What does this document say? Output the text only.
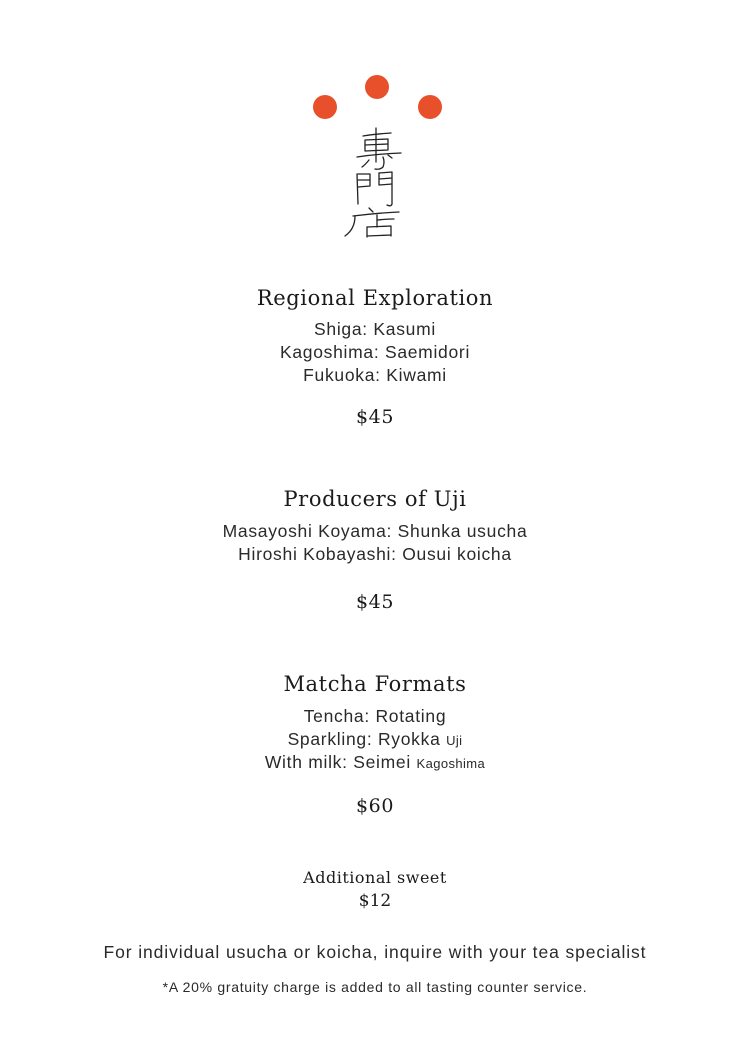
Regional Exploration
Shiga: Kasumi
Kagoshima: Saemidori
Fukuoka: Kiwami
$45
Producers of Uji
Masayoshi Koyama: Shunka usucha
Hiroshi Kobayashi: Ousui koicha
$45
Matcha Formats
Tencha: Rotating
Sparkling: Ryokka Uji
With milk: Seimei Kagoshima
$60
Additional sweet
$12
For individual usucha or koicha, inquire with your tea specialist
*A 20% gratuity charge is added to all tasting counter service.
